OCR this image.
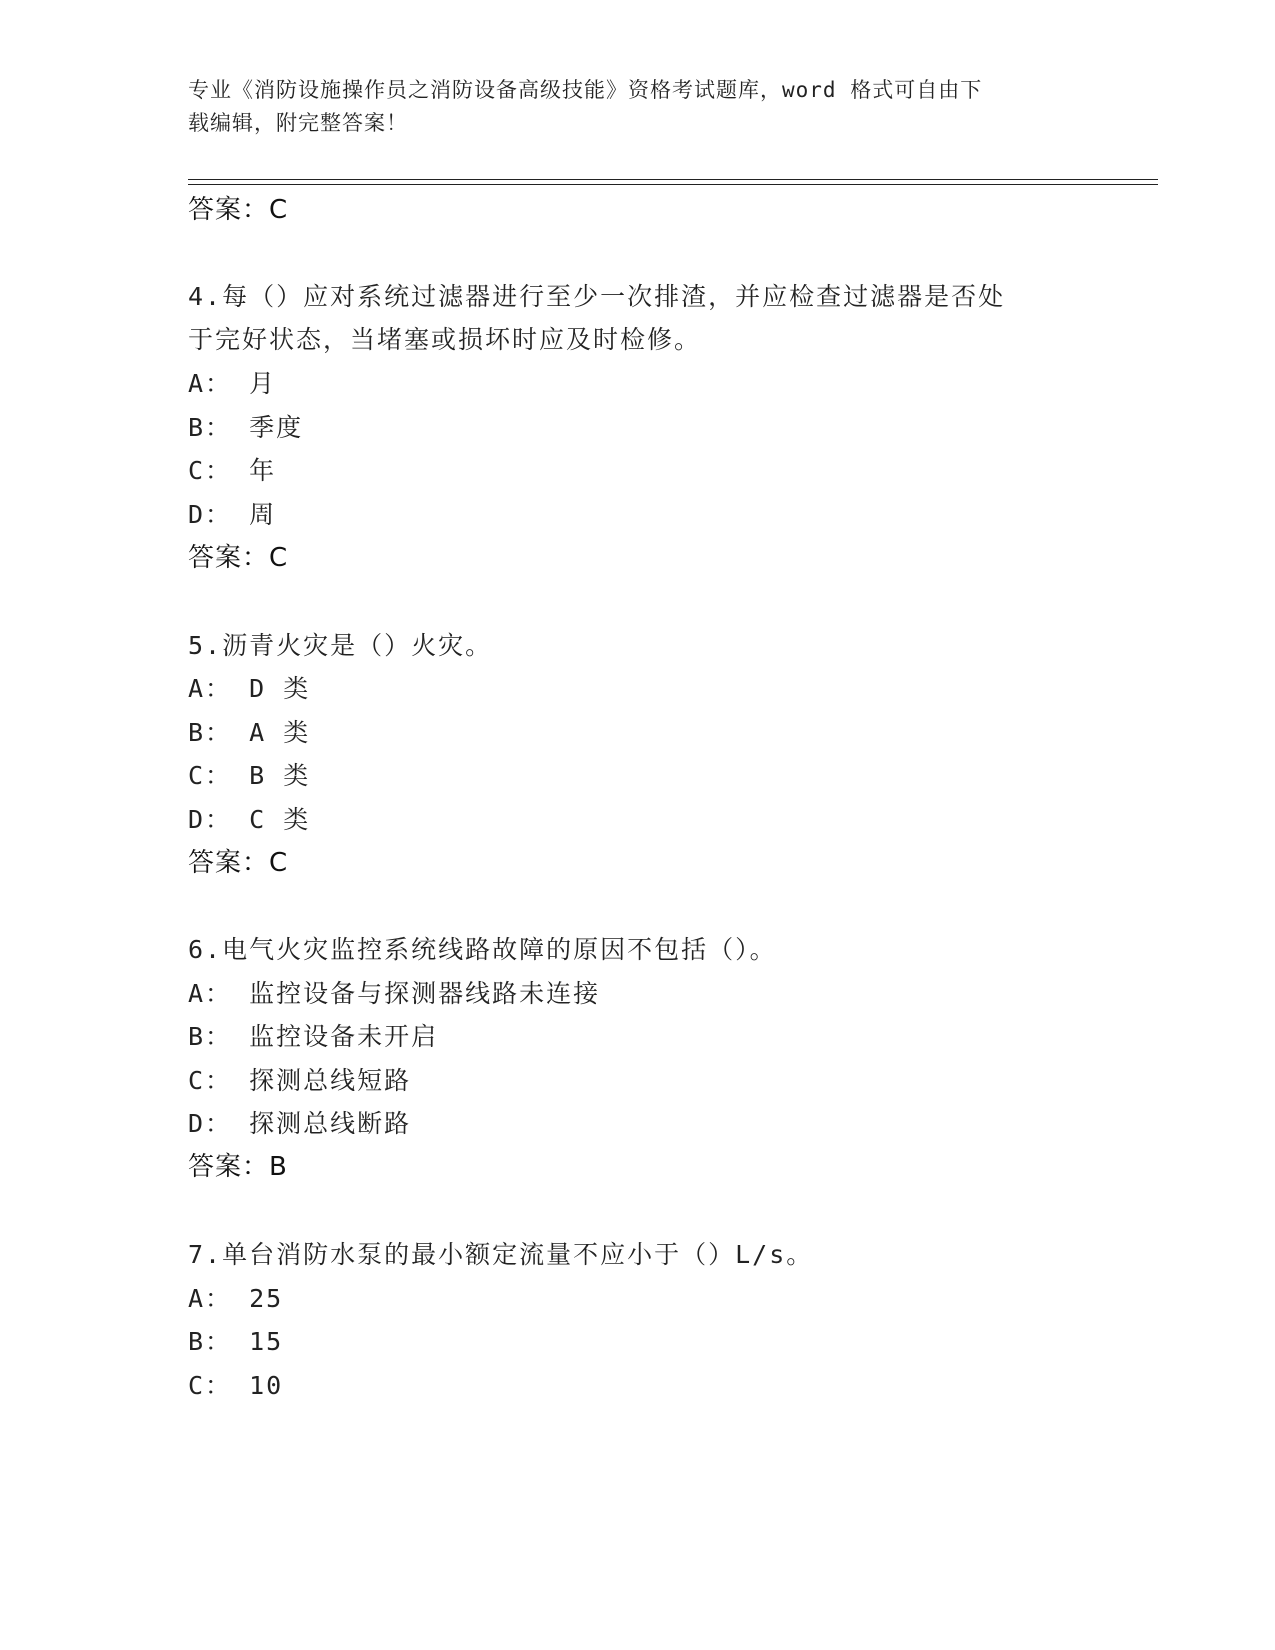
专业《消防设施操作员之消防设备高级技能》资格考试题库，word 格式可自由下
载编辑，附完整答案！
答案：C
4.每（）应对系统过滤器进行至少一次排渣，并应检查过滤器是否处
于完好状态，当堵塞或损坏时应及时检修。
A： 月
B： 季度
C： 年
D： 周
答案：C
5.沥青火灾是（）火灾。
A： D 类
B： A 类
C： B 类
D： C 类
答案：C
6.电气火灾监控系统线路故障的原因不包括（）。
A： 监控设备与探测器线路未连接
B： 监控设备未开启
C： 探测总线短路
D： 探测总线断路
答案：B
7.单台消防水泵的最小额定流量不应小于（）L/s。
A： 25
B： 15
C： 10
